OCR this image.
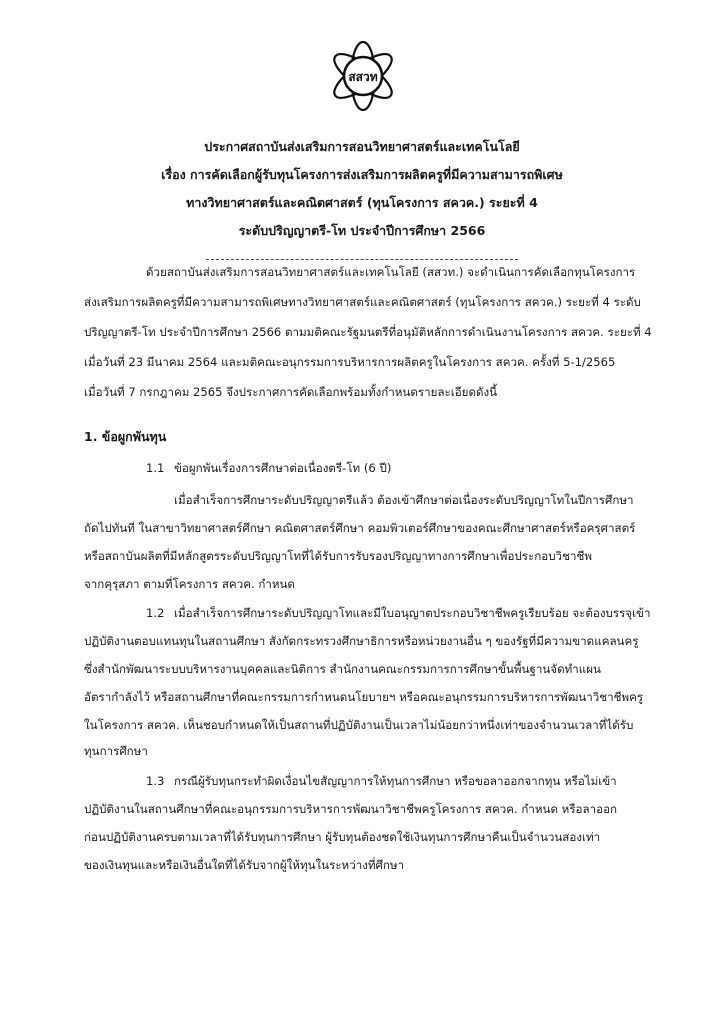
สสวท
ประกาศสถาบันส่งเสริมการสอนวิทยาศาสตร์และเทคโนโลยี
เรื่อง การคัดเลือกผู้รับทุนโครงการส่งเสริมการผลิตครูที่มีความสามารถพิเศษ
ทางวิทยาศาสตร์และคณิตศาสตร์ (ทุนโครงการ สควค.) ระยะที่ 4
ระดับปริญญาตรี-โท ประจำปีการศึกษา 2566
ด้วยสถาบันส่งเสริมการสอนวิทยาศาสตร์และเทคโนโลยี (สสวท.) จะดำเนินการคัดเลือกทุนโครงการ
ส่งเสริมการผลิตครูที่มีความสามารถพิเศษทางวิทยาศาสตร์และคณิตศาสตร์ (ทุนโครงการ สควค.) ระยะที่ 4 ระดับ
ปริญญาตรี-โท ประจำปีการศึกษา 2566 ตามมติคณะรัฐมนตรีที่อนุมัติหลักการดำเนินงานโครงการ สควค. ระยะที่ 4
เมื่อวันที่ 23 มีนาคม 2564 และมติคณะอนุกรรมการบริหารการผลิตครูในโครงการ สควค. ครั้งที่ 5-1/2565
เมื่อวันที่ 7 กรกฎาคม 2565 จึงประกาศการคัดเลือกพร้อมทั้งกำหนดรายละเอียดดังนี้
1. ข้อผูกพันทุน
1.1 ข้อผูกพันเรื่องการศึกษาต่อเนื่องตรี-โท (6 ปี)
เมื่อสำเร็จการศึกษาระดับปริญญาตรีแล้ว ต้องเข้าศึกษาต่อเนื่องระดับปริญญาโทในปีการศึกษา
ถัดไปทันที ในสาขาวิทยาศาสตร์ศึกษา คณิตศาสตร์ศึกษา คอมพิวเตอร์ศึกษาของคณะศึกษาศาสตร์หรือครุศาสตร์
หรือสถาบันผลิตที่มีหลักสูตรระดับปริญญาโทที่ได้รับการรับรองปริญญาทางการศึกษาเพื่อประกอบวิชาชีพ
จากคุรุสภา ตามที่โครงการ สควค. กำหนด
1.2 เมื่อสำเร็จการศึกษาระดับปริญญาโทและมีใบอนุญาตประกอบวิชาชีพครูเรียบร้อย จะต้องบรรจุเข้า
ปฏิบัติงานตอบแทนทุนในสถานศึกษา สังกัดกระทรวงศึกษาธิการหรือหน่วยงานอื่น ๆ ของรัฐที่มีความขาดแคลนครู
ซึ่งสำนักพัฒนาระบบบริหารงานบุคคลและนิติการ สำนักงานคณะกรรมการการศึกษาขั้นพื้นฐานจัดทำแผน
อัตรากำลังไว้ หรือสถานศึกษาที่คณะกรรมการกำหนดนโยบายฯ หรือคณะอนุกรรมการบริหารการพัฒนาวิชาชีพครู
ในโครงการ สควค. เห็นชอบกำหนดให้เป็นสถานที่ปฏิบัติงานเป็นเวลาไม่น้อยกว่าหนึ่งเท่าของจำนวนเวลาที่ได้รับ
ทุนการศึกษา
1.3 กรณีผู้รับทุนกระทำผิดเงื่อนไขสัญญาการให้ทุนการศึกษา หรือขอลาออกจากทุน หรือไม่เข้า
ปฏิบัติงานในสถานศึกษาที่คณะอนุกรรมการบริหารการพัฒนาวิชาชีพครูโครงการ สควค. กำหนด หรือลาออก
ก่อนปฏิบัติงานครบตามเวลาที่ได้รับทุนการศึกษา ผู้รับทุนต้องชดใช้เงินทุนการศึกษาคืนเป็นจำนวนสองเท่า
ของเงินทุนและหรือเงินอื่นใดที่ได้รับจากผู้ให้ทุนในระหว่างที่ศึกษา
